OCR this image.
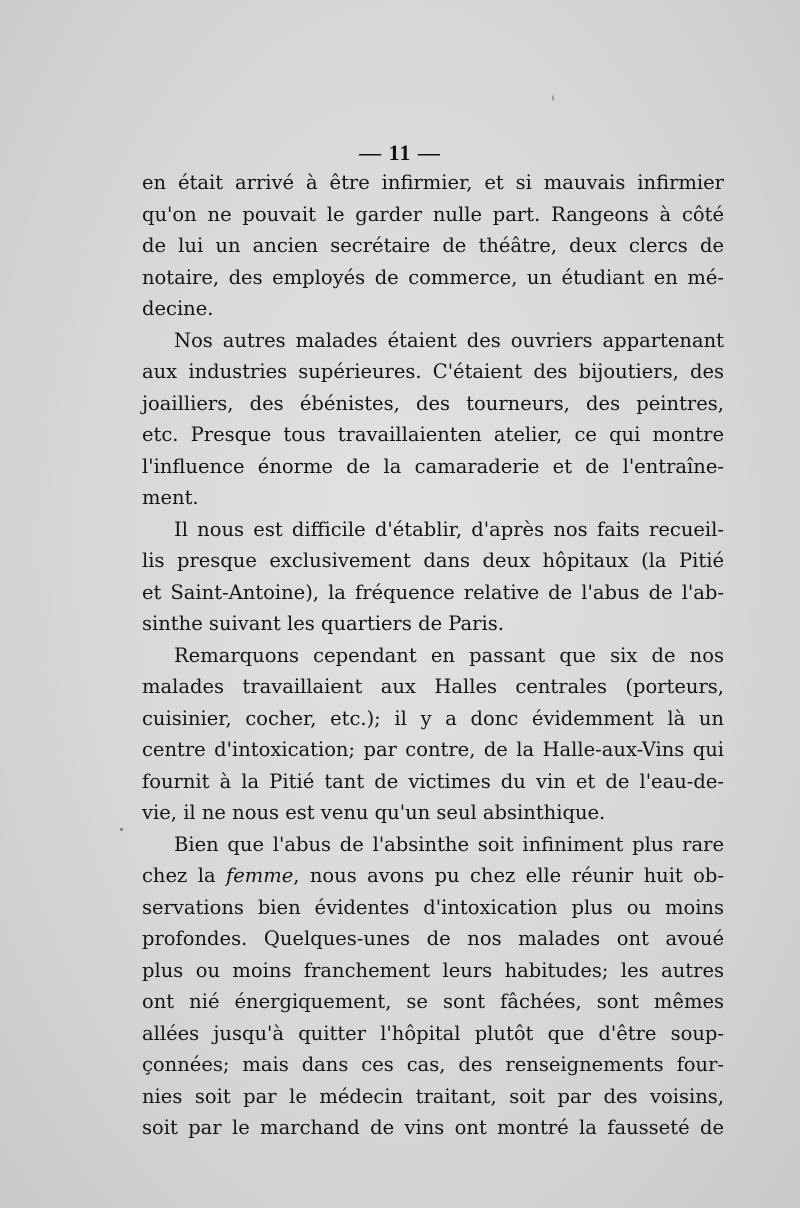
— 11 —
en était arrivé à être infirmier, et si mauvais infirmier
qu'on ne pouvait le garder nulle part. Rangeons à côté
de lui un ancien secrétaire de théâtre, deux clercs de
notaire, des employés de commerce, un étudiant en mé-
decine.
Nos autres malades étaient des ouvriers appartenant
aux industries supérieures. C'étaient des bijoutiers, des
joailliers, des ébénistes, des tourneurs, des peintres,
etc. Presque tous travaillaienten atelier, ce qui montre
l'influence énorme de la camaraderie et de l'entraîne-
ment.
Il nous est difficile d'établir, d'après nos faits recueil-
lis presque exclusivement dans deux hôpitaux (la Pitié
et Saint-Antoine), la fréquence relative de l'abus de l'ab-
sinthe suivant les quartiers de Paris.
Remarquons cependant en passant que six de nos
malades travaillaient aux Halles centrales (porteurs,
cuisinier, cocher, etc.); il y a donc évidemment là un
centre d'intoxication; par contre, de la Halle-aux-Vins qui
fournit à la Pitié tant de victimes du vin et de l'eau-de-
vie, il ne nous est venu qu'un seul absinthique.
Bien que l'abus de l'absinthe soit infiniment plus rare
chez la femme, nous avons pu chez elle réunir huit ob-
servations bien évidentes d'intoxication plus ou moins
profondes. Quelques-unes de nos malades ont avoué
plus ou moins franchement leurs habitudes; les autres
ont nié énergiquement, se sont fâchées, sont mêmes
allées jusqu'à quitter l'hôpital plutôt que d'être soup-
çonnées; mais dans ces cas, des renseignements four-
nies soit par le médecin traitant, soit par des voisins,
soit par le marchand de vins ont montré la fausseté de
